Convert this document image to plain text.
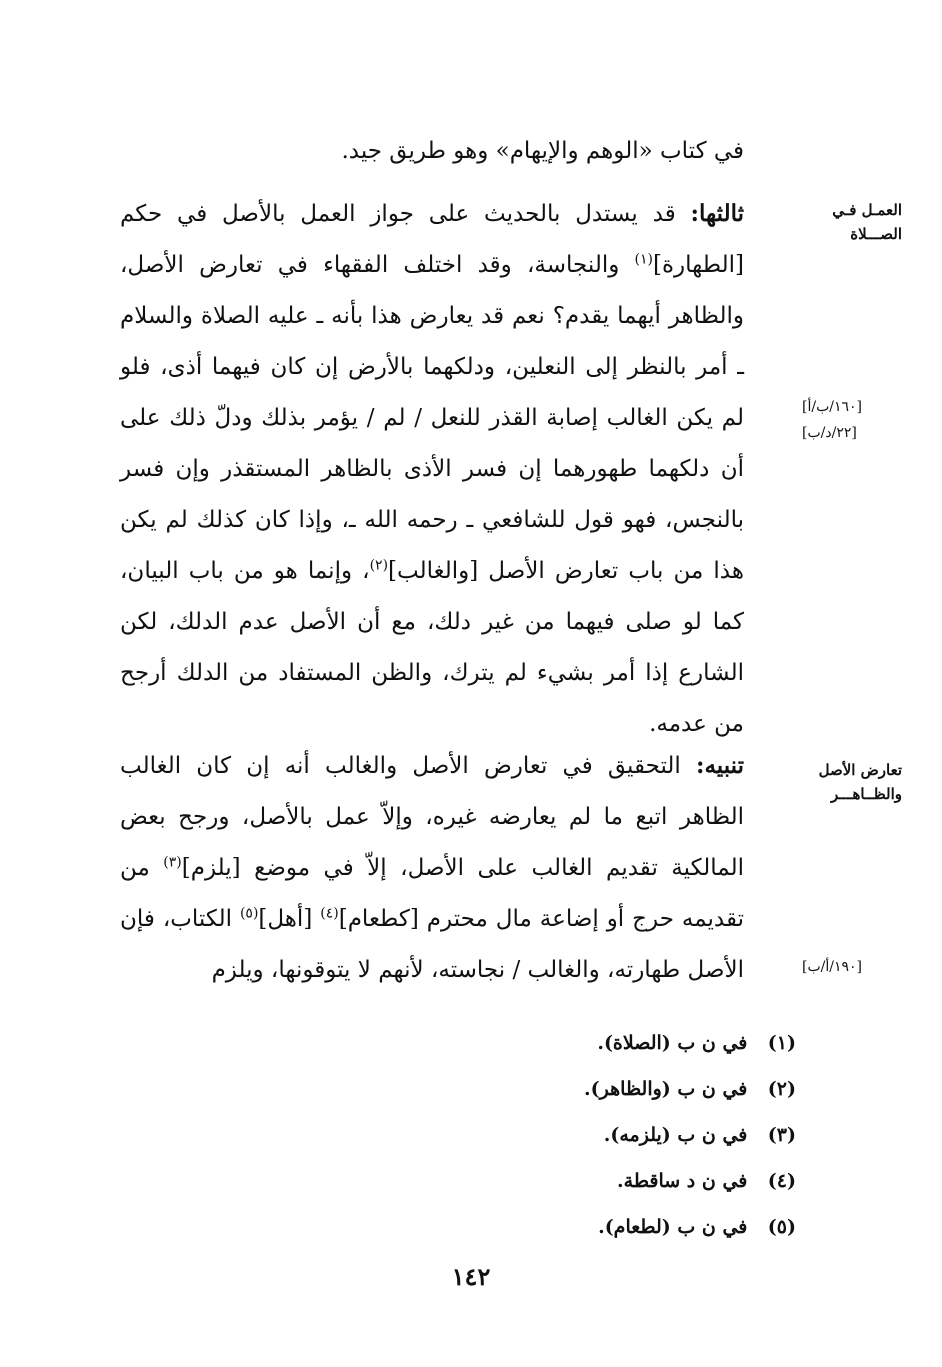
في كتاب «الوهم والإيهام» وهو طريق جيد.

ثالثها: قد يستدل بالحديث على جواز العمل بالأصل في حكم [الطهارة]$^{(١)}$ والنجاسة، وقد اختلف الفقهاء في تعارض الأصل، والظاهر أيهما يقدم؟ نعم قد يعارض هذا بأنه ـ عليه الصلاة والسلام ـ أمر بالنظر إلى النعلين، ودلكهما بالأرض إن كان فيهما أذى، فلو لم يكن الغالب إصابة القذر للنعل / لم / يؤمر بذلك ودلّ ذلك على أن دلكهما طهورهما إن فسر الأذى بالظاهر المستقذر وإن فسر بالنجس، فهو قول للشافعي ـ رحمه الله ـ، وإذا كان كذلك لم يكن هذا من باب تعارض الأصل [والغالب]$^{(٢)}$، وإنما هو من باب البيان، كما لو صلى فيهما من غير دلك، مع أن الأصل عدم الدلك، لكن الشارع إذا أمر بشيء لم يترك، والظن المستفاد من الدلك أرجح من عدمه.

تنبيه: التحقيق في تعارض الأصل والغالب أنه إن كان الغالب الظاهر اتبع ما لم يعارضه غيره، وإلاّ عمل بالأصل، ورجح بعض المالكية تقديم الغالب على الأصل، إلاّ في موضع [يلزم]$^{(٣)}$ من تقديمه حرج أو إضاعة مال محترم [كطعام]$^{(٤)}$ [أهل]$^{(٥)}$ الكتاب، فإن الأصل طهارته، والغالب / نجاسته، لأنهم لا يتوقونها، ويلزم

العمـل فـي
الصـــلاة
[١٦٠/ب/أ]
[٢٢/د/ب]
تعارض الأصل
والظــاهـــر
[١٩٠/أ/ب]
(١) في ن ب (الصلاة).
(٢) في ن ب (والظاهر).
(٣) في ن ب (يلزمه).
(٤) في ن د ساقطة.
(٥) في ن ب (لطعام).
١٤٢
